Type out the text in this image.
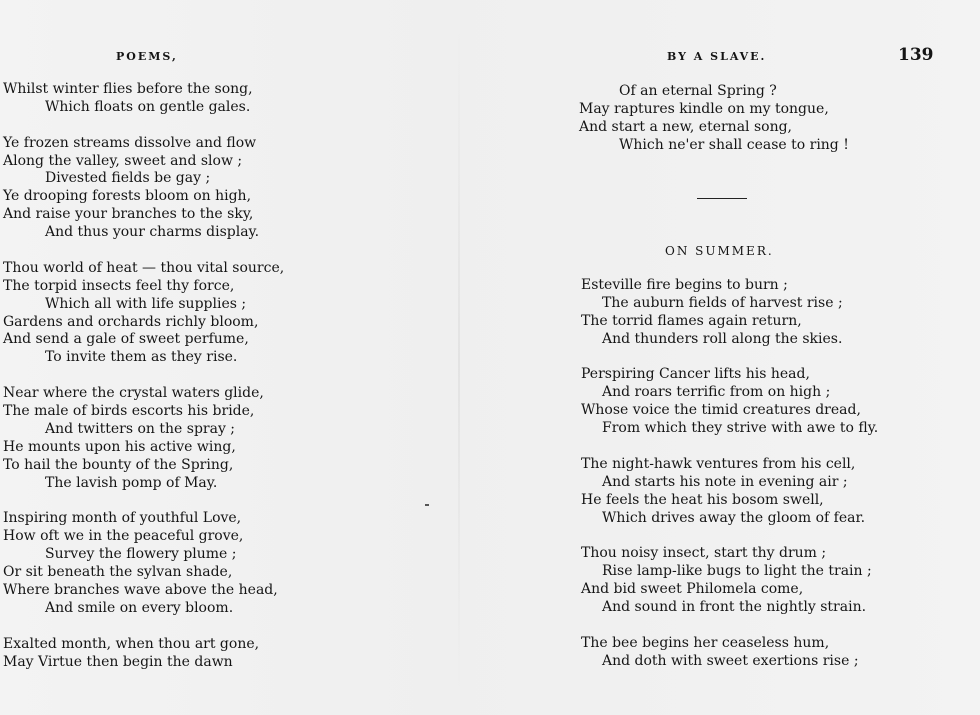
POEMS,	BY A SLAVE.	139
Whilst winter flies before the song,
Which floats on gentle gales.
Ye frozen streams dissolve and flow
Along the valley, sweet and slow ;
Divested fields be gay ;
Ye drooping forests bloom on high,
And raise your branches to the sky,
And thus your charms display.
Thou world of heat — thou vital source,
The torpid insects feel thy force,
Which all with life supplies ;
Gardens and orchards richly bloom,
And send a gale of sweet perfume,
To invite them as they rise.
Near where the crystal waters glide,
The male of birds escorts his bride,
And twitters on the spray ;
He mounts upon his active wing,
To hail the bounty of the Spring,
The lavish pomp of May.
Inspiring month of youthful Love,
How oft we in the peaceful grove,
Survey the flowery plume ;
Or sit beneath the sylvan shade,
Where branches wave above the head,
And smile on every bloom.
Exalted month, when thou art gone,
May Virtue then begin the dawn
Of an eternal Spring ?
May raptures kindle on my tongue,
And start a new, eternal song,
Which ne'er shall cease to ring !
ON SUMMER.
Esteville fire begins to burn ;
The auburn fields of harvest rise ;
The torrid flames again return,
And thunders roll along the skies.
Perspiring Cancer lifts his head,
And roars terrific from on high ;
Whose voice the timid creatures dread,
From which they strive with awe to fly.
The night-hawk ventures from his cell,
And starts his note in evening air ;
He feels the heat his bosom swell,
Which drives away the gloom of fear.
Thou noisy insect, start thy drum ;
Rise lamp-like bugs to light the train ;
And bid sweet Philomela come,
And sound in front the nightly strain.
The bee begins her ceaseless hum,
And doth with sweet exertions rise ;
